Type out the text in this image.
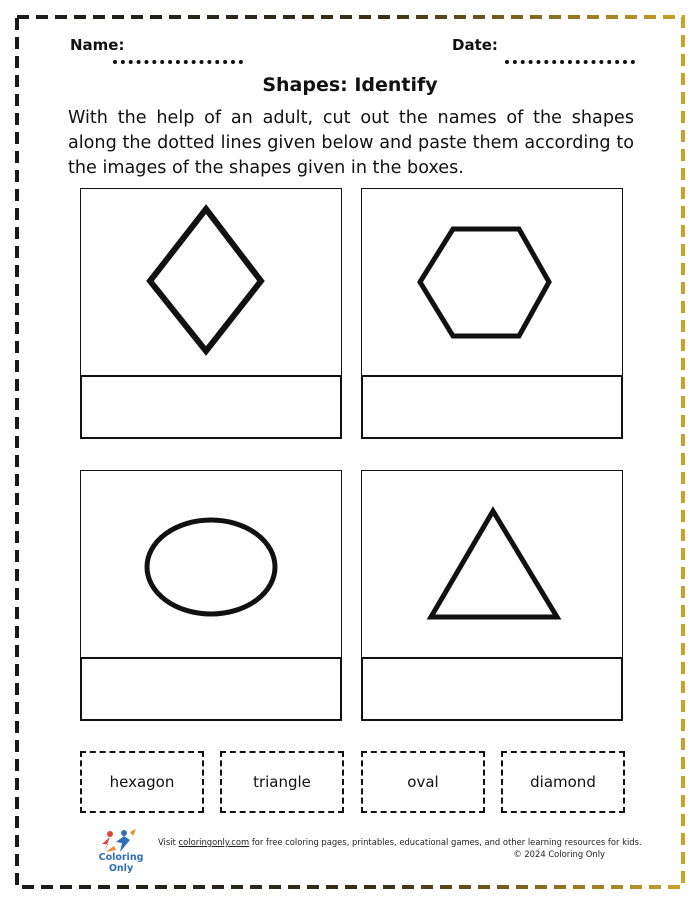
Name:	Date:
Shapes: Identify
With the help of an adult, cut out the names of the shapes along the dotted lines given below and paste them according to the images of the shapes given in the boxes.
hexagon	triangle	oval	diamond
Coloring Only
Visit coloringonly.com for free coloring pages, printables, educational games, and other learning resources for kids.
© 2024 Coloring Only
